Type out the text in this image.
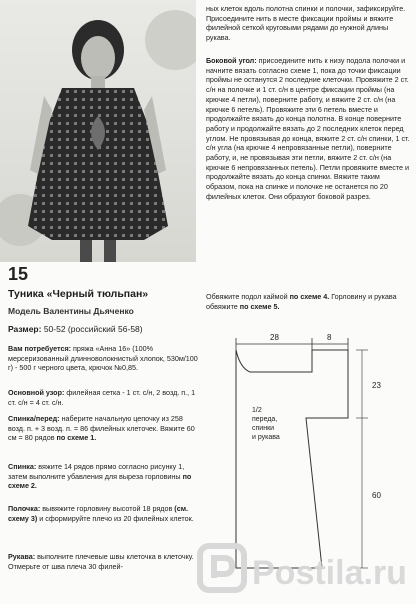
15
Туника «Черный тюльпан»
Модель Валентины Дьяченко
Размер: 50-52 (российский 56-58)
Вам потребуется: пряжа «Анна 16» (100% мерсеризованный длинноволокнистый хлопок, 530м/100 г) - 500 г черного цвета, крючок №0,85.
Основной узор: филейная сетка - 1 ст. с/н, 2 возд. п., 1 ст. с/н = 4 ст. с/н.
Спинка/перед: наберите начальную цепочку из 258 возд. п. + 3 возд. п. = 86 филейных клеточек. Вяжите 60 см = 80 рядов по схеме 1.
Спинка: вяжите 14 рядов прямо согласно рисунку 1, затем выполните убавления для выреза горловины по схеме 2.
Полочка: вывяжите горловину высотой 18 рядов (см. схему 3) и сформируйте плечо из 20 филейных клеток.
Рукава: выполните плечевые швы клеточка в клеточку. Отмерьте от шва плеча 30 филей-
ных клеток вдоль полотна спинки и полочки, зафиксируйте. Присоедините нить в месте фиксации проймы и вяжите филейной сеткой круговыми рядами до нужной длины рукава.
Боковой угол: присоедините нить к низу подола полочки и начните вязать согласно схеме 1, пока до точки фиксации проймы не останутся 2 последние клеточки. Провяжите 2 ст. с/н на полочке и 1 ст. с/н в центре фиксации проймы (на крючке 4 петли), поверните работу, и вяжите 2 ст. с/н (на крючке 6 петель). Провяжите эти 6 петель вместе и продолжайте вязать до конца полотна. В конце поверните работу и продолжайте вязать до 2 последних клеток перед углом. Не провязывая до конца, вяжите 2 ст. с/н спинки, 1 ст. с/н угла (на крючке 4 непровязанные петли), поверните работу, и, не провязывая эти петли, вяжите 2 ст. с/н (на крючке 6 непровязанных петель). Петли провяжите вместе и продолжайте вязать до конца спинки. Вяжите таким образом, пока на спинке и полочке не останется по 20 филейных клеток. Они образуют боковой разрез.
Обвяжите подол каймой по схеме 4. Горловину и рукава обвяжите по схеме 5.
28	8
23
60
1/2
переда,
спинки
и рукава
Postila.ru
